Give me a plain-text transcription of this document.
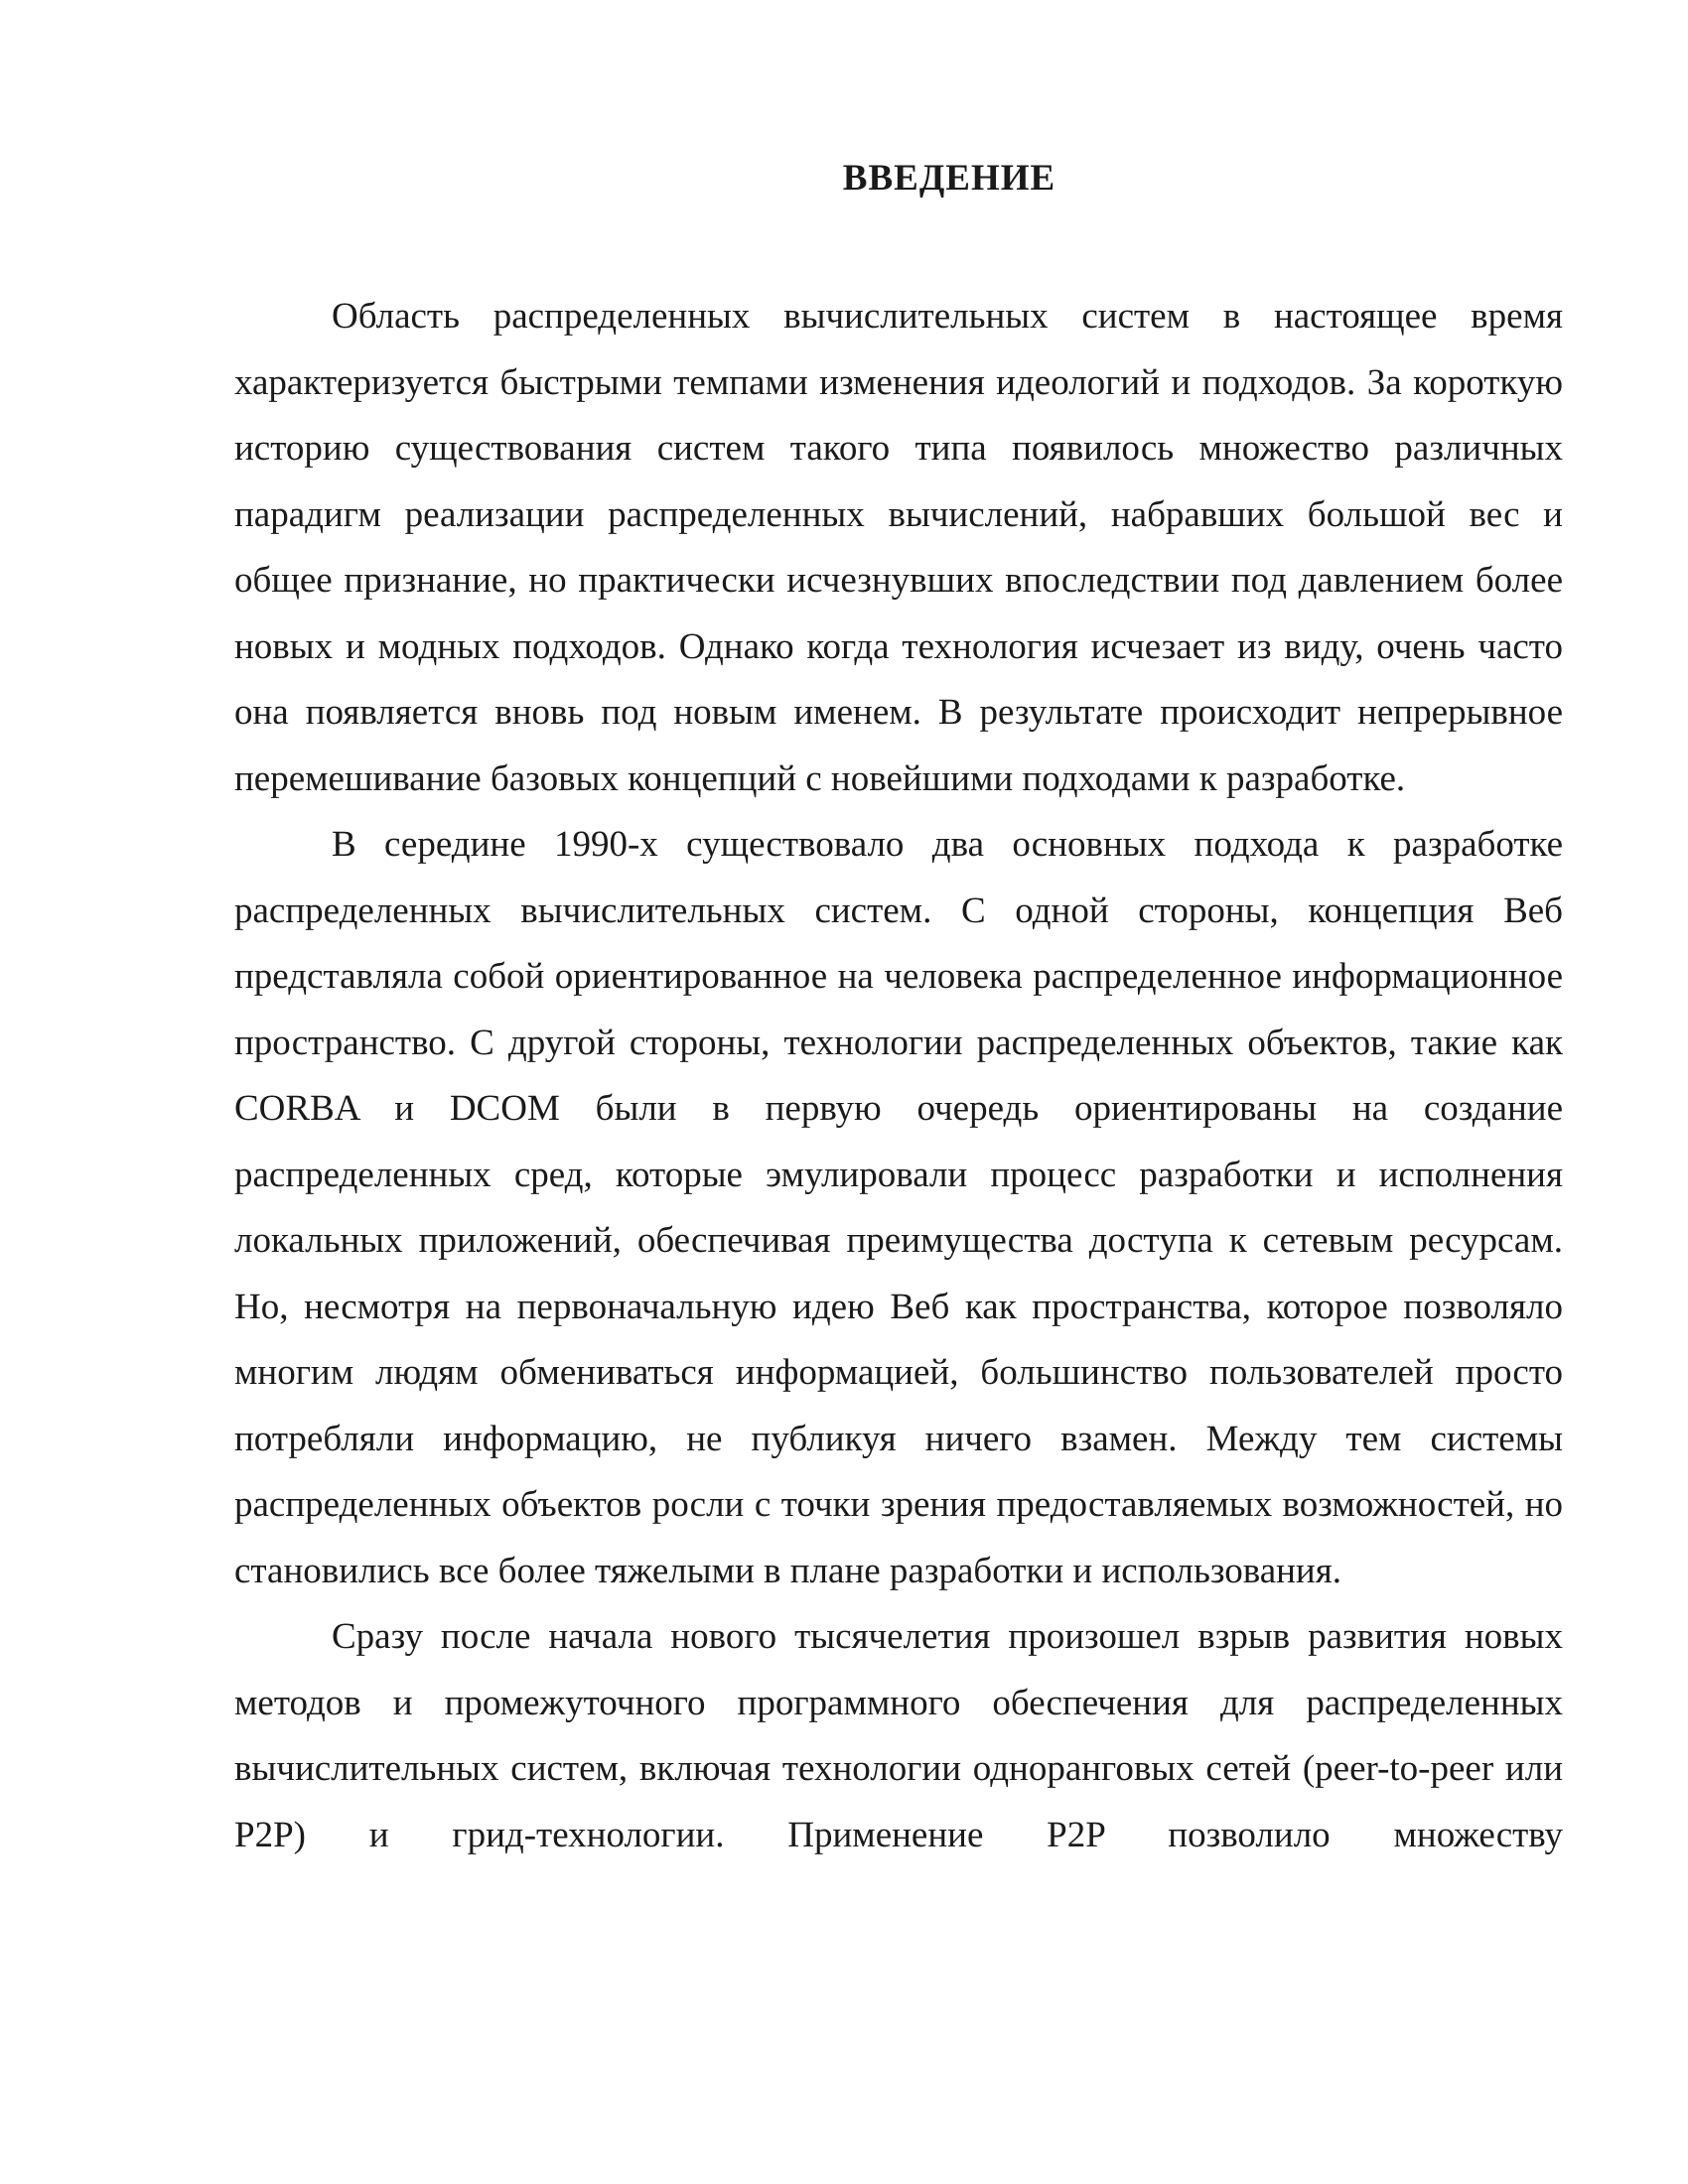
ВВЕДЕНИЕ

Область распределенных вычислительных систем в настоящее время характеризуется быстрыми темпами изменения идеологий и подходов. За короткую историю существования систем такого типа появилось множество различных парадигм реализации распределенных вычислений, набравших большой вес и общее признание, но практически исчезнувших впоследствии под давлением более новых и модных подходов. Однако когда технология исчезает из виду, очень часто она появляется вновь под новым именем. В результате происходит непрерывное перемешивание базовых концепций с новейшими подходами к разработке.

В середине 1990-х существовало два основных подхода к разработке распределенных вычислительных систем. С одной стороны, концепция Веб представляла собой ориентированное на человека распределенное информационное пространство. С другой стороны, технологии распределенных объектов, такие как CORBA и DCOM были в первую очередь ориентированы на создание распределенных сред, которые эмулировали процесс разработки и исполнения локальных приложений, обеспечивая преимущества доступа к сетевым ресурсам. Но, несмотря на первоначальную идею Веб как пространства, которое позволяло многим людям обмениваться информацией, большинство пользователей просто потребляли информацию, не публикуя ничего взамен. Между тем системы распределенных объектов росли с точки зрения предоставляемых возможностей, но становились все более тяжелыми в плане разработки и использования.

Сразу после начала нового тысячелетия произошел взрыв развития новых методов и промежуточного программного обеспечения для распределенных вычислительных систем, включая технологии одноранговых сетей (peer-to-peer или P2P) и грид-технологии. Применение P2P позволило множеству
